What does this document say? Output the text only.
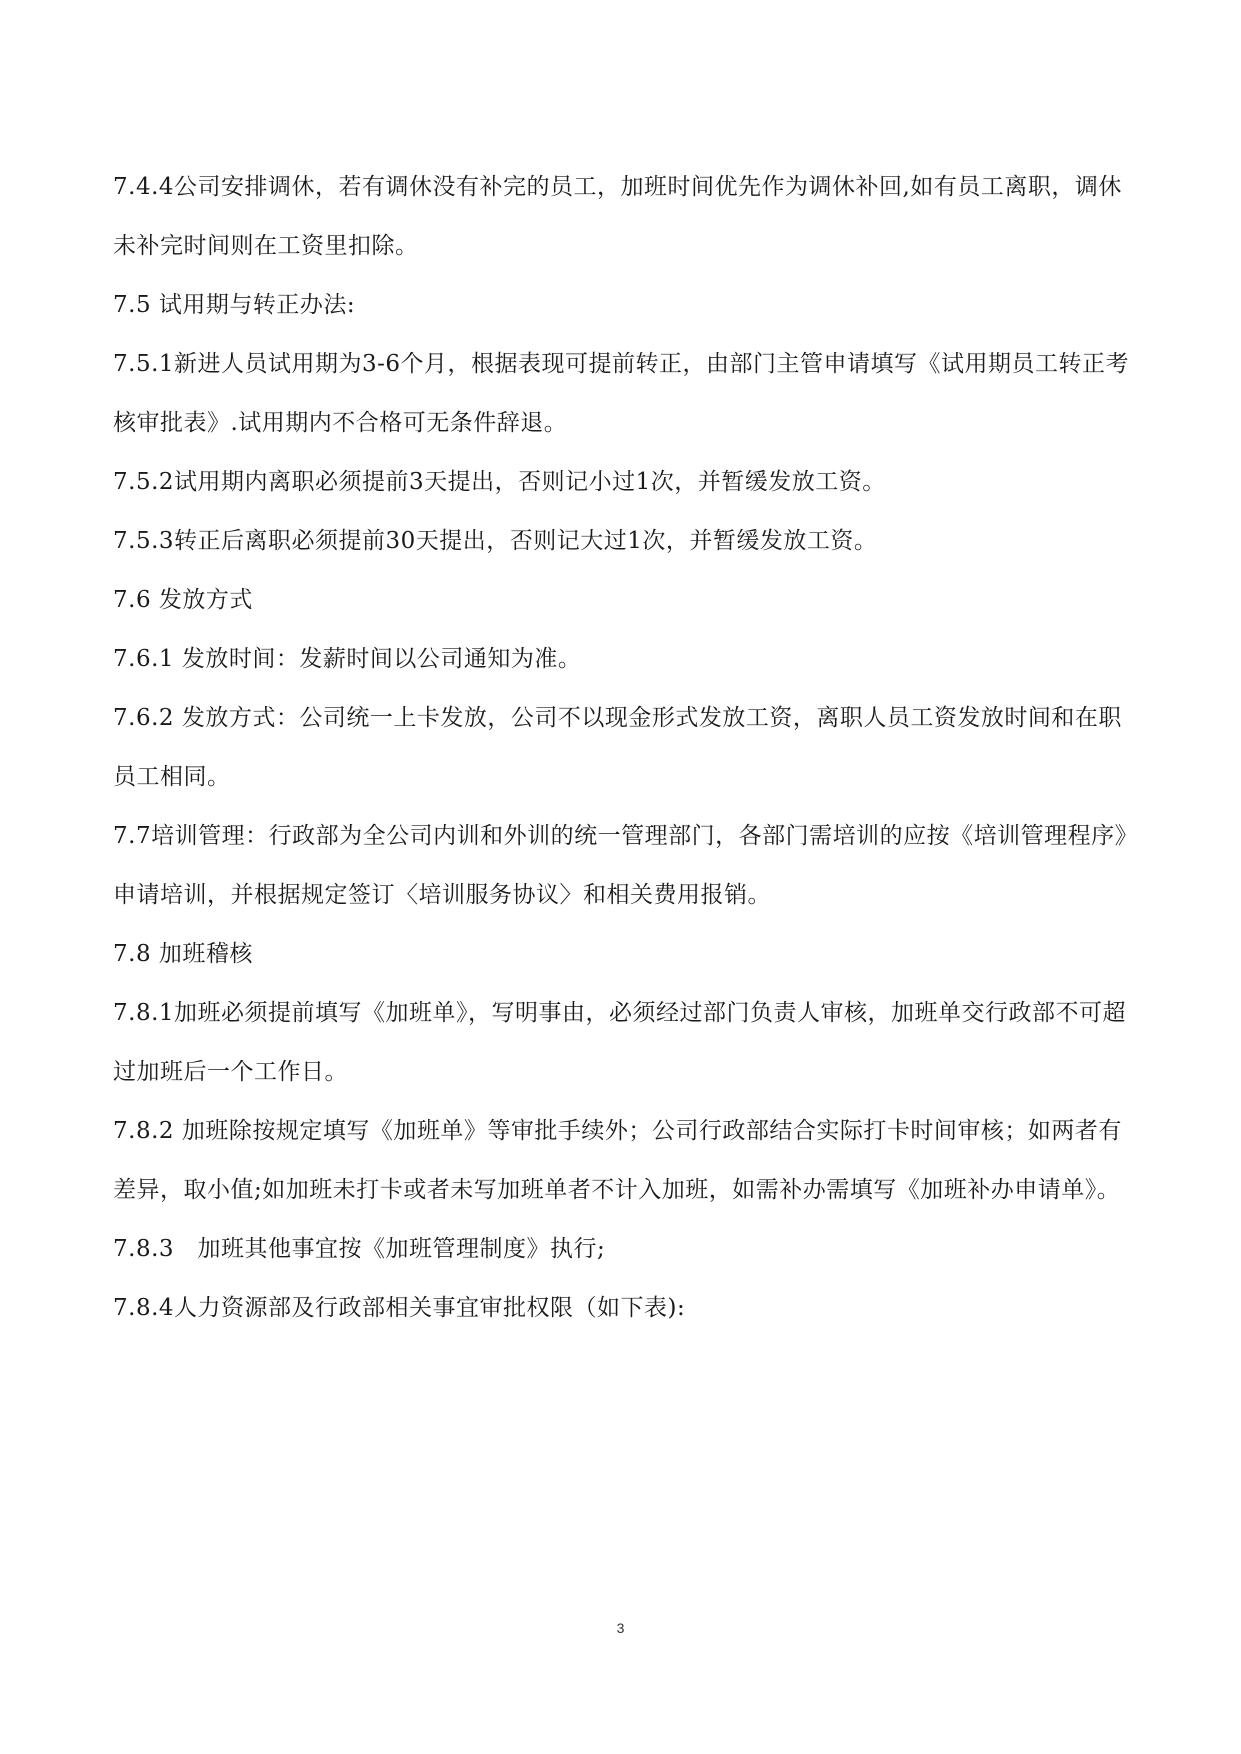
7.4.4公司安排调休，若有调休没有补完的员工，加班时间优先作为调休补回,如有员工离职，调休未补完时间则在工资里扣除。

7.5 试用期与转正办法:

7.5.1新进人员试用期为3-6个月，根据表现可提前转正，由部门主管申请填写《试用期员工转正考核审批表》.试用期内不合格可无条件辞退。

7.5.2试用期内离职必须提前3天提出，否则记小过1次，并暂缓发放工资。

7.5.3转正后离职必须提前30天提出，否则记大过1次，并暂缓发放工资。

7.6 发放方式

7.6.1 发放时间：发薪时间以公司通知为准。

7.6.2 发放方式：公司统一上卡发放，公司不以现金形式发放工资，离职人员工资发放时间和在职员工相同。

7.7培训管理：行政部为全公司内训和外训的统一管理部门，各部门需培训的应按《培训管理程序》申请培训，并根据规定签订〈培训服务协议〉和相关费用报销。

7.8 加班稽核

7.8.1加班必须提前填写《加班单》，写明事由，必须经过部门负责人审核，加班单交行政部不可超过加班后一个工作日。

7.8.2 加班除按规定填写《加班单》等审批手续外；公司行政部结合实际打卡时间审核；如两者有差异，取小值;如加班未打卡或者未写加班单者不计入加班，如需补办需填写《加班补办申请单》。

7.8.3　加班其他事宜按《加班管理制度》执行;

7.8.4人力资源部及行政部相关事宜审批权限（如下表):

3
